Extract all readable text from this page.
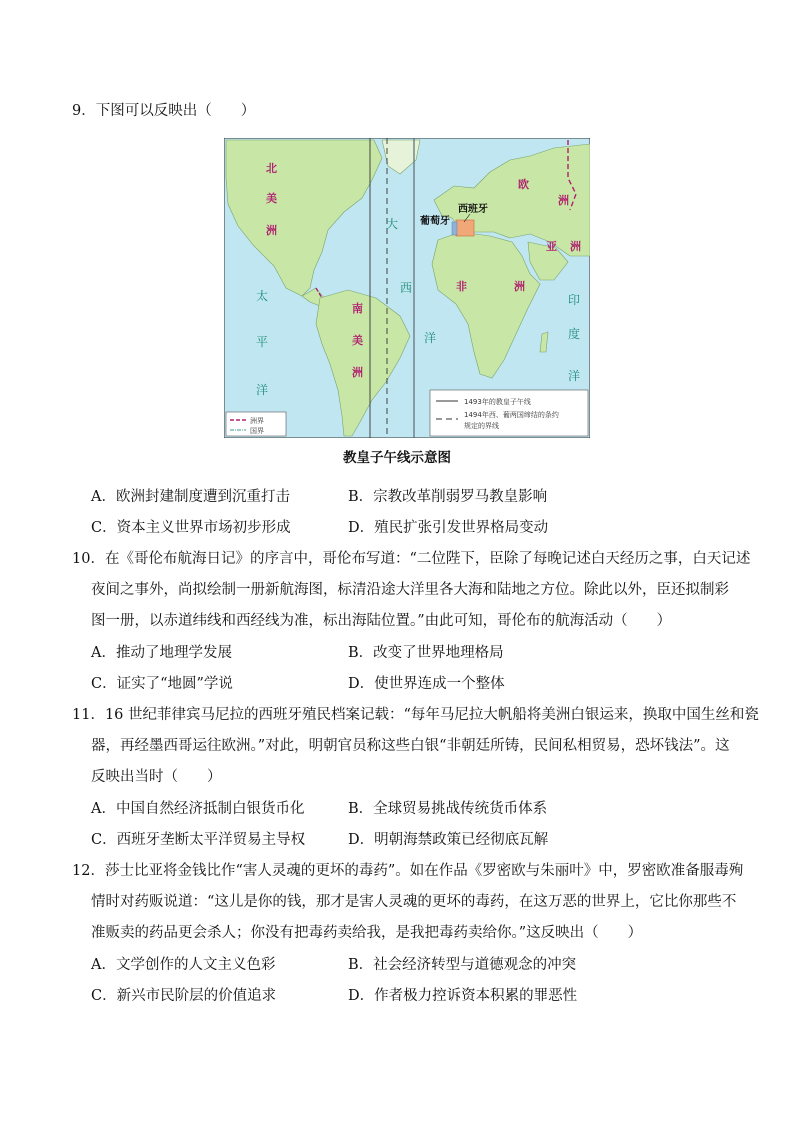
9．下图可以反映出（　　）
北
美
洲
南
美
洲
太
平
洋
大
西
洋
欧
洲
亚 洲
非	洲
印
度
洋
葡萄牙
西班牙
洲界
国界
1493年的教皇子午线
1494年西、葡两国缔结的条约
规定的界线
教皇子午线示意图
A．欧洲封建制度遭到沉重打击	B．宗教改革削弱罗马教皇影响
C．资本主义世界市场初步形成	D．殖民扩张引发世界格局变动
10．在《哥伦布航海日记》的序言中，哥伦布写道：“二位陛下，臣除了每晚记述白天经历之事，白天记述
夜间之事外，尚拟绘制一册新航海图，标清沿途大洋里各大海和陆地之方位。除此以外，臣还拟制彩
图一册，以赤道纬线和西经线为准，标出海陆位置。”由此可知，哥伦布的航海活动（　　）
A．推动了地理学发展	B．改变了世界地理格局
C．证实了“地圆”学说	D．使世界连成一个整体
11．16 世纪菲律宾马尼拉的西班牙殖民档案记载：“每年马尼拉大帆船将美洲白银运来，换取中国生丝和瓷
器，再经墨西哥运往欧洲。”对此，明朝官员称这些白银“非朝廷所铸，民间私相贸易，恐坏钱法”。这
反映出当时（　　）
A．中国自然经济抵制白银货币化	B．全球贸易挑战传统货币体系
C．西班牙垄断太平洋贸易主导权	D．明朝海禁政策已经彻底瓦解
12．莎士比亚将金钱比作“害人灵魂的更坏的毒药”。如在作品《罗密欧与朱丽叶》中，罗密欧准备服毒殉
情时对药贩说道：“这儿是你的钱，那才是害人灵魂的更坏的毒药，在这万恶的世界上，它比你那些不
准贩卖的药品更会杀人；你没有把毒药卖给我，是我把毒药卖给你。”这反映出（　　）
A．文学创作的人文主义色彩	B．社会经济转型与道德观念的冲突
C．新兴市民阶层的价值追求	D．作者极力控诉资本积累的罪恶性
